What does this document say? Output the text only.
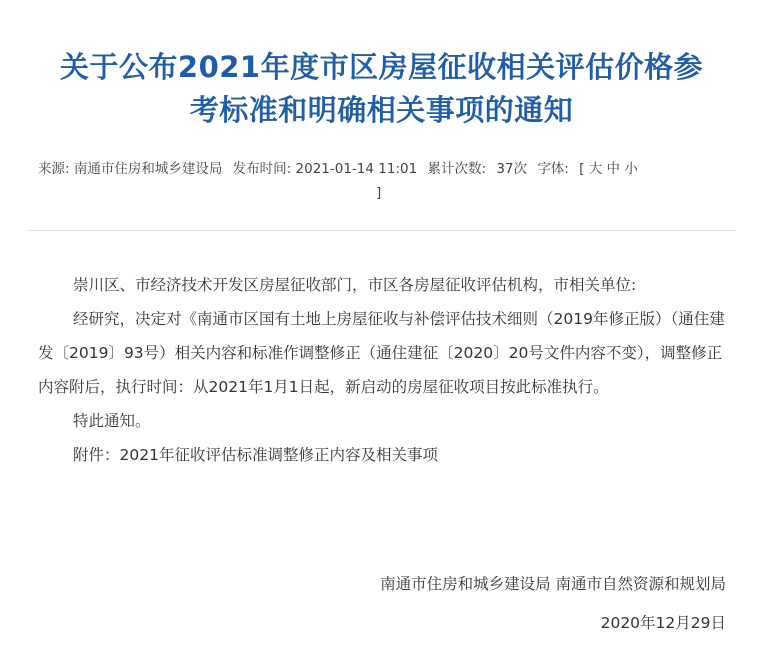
关于公布2021年度市区房屋征收相关评估价格参
考标准和明确相关事项的通知
来源: 南通市住房和城乡建设局 发布时间: 2021-01-14 11:01 累计次数: 37次 字体: [ 大 中 小
]

崇川区、市经济技术开发区房屋征收部门，市区各房屋征收评估机构，市相关单位:

经研究，决定对《南通市区国有土地上房屋征收与补偿评估技术细则（2019年修正版）（通住建发〔2019〕93号）相关内容和标准作调整修正（通住建征〔2020〕20号文件内容不变），调整修正内容附后，执行时间：从2021年1月1日起，新启动的房屋征收项目按此标准执行。

特此通知。

附件：2021年征收评估标准调整修正内容及相关事项

南通市住房和城乡建设局 南通市自然资源和规划局
2020年12月29日
